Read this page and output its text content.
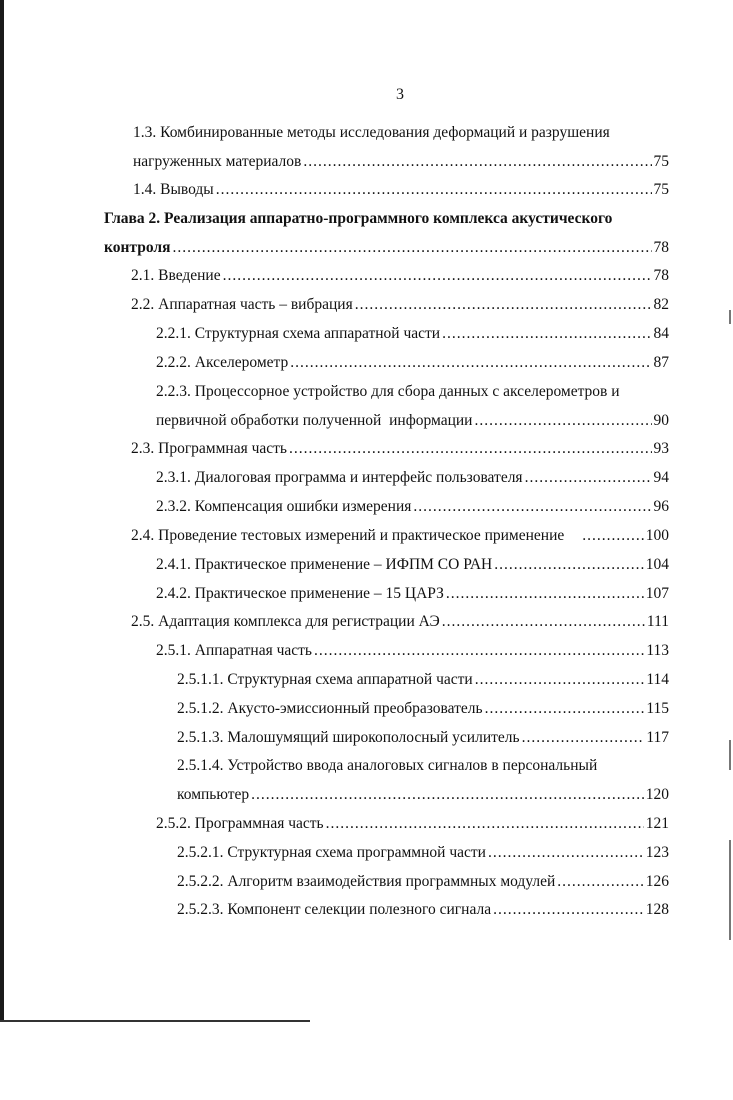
3
1.3. Комбинированные методы исследования деформаций и разрушения
нагруженных материалов .....	75
1.4. Выводы .....	75
Глава 2. Реализация аппаратно-программного комплекса акустического
контроля .....	78
2.1. Введение .....	78
2.2. Аппаратная часть – вибрация .....	82
2.2.1. Структурная схема аппаратной части .....	84
2.2.2. Акселерометр .....	87
2.2.3. Процессорное устройство для сбора данных с акселерометров и
первичной обработки полученной  информации .....	90
2.3. Программная часть .....	93
2.3.1. Диалоговая программа и интерфейс пользователя .....	94
2.3.2. Компенсация ошибки измерения .....	96
2.4. Проведение тестовых измерений и практическое применение .....	100
2.4.1. Практическое применение – ИФПМ СО РАН .....	104
2.4.2. Практическое применение – 15 ЦАРЗ .....	107
2.5. Адаптация комплекса для регистрации АЭ .....	111
2.5.1. Аппаратная часть .....	113
2.5.1.1. Структурная схема аппаратной части .....	114
2.5.1.2. Акусто-эмиссионный преобразователь .....	115
2.5.1.3. Малошумящий широкополосный усилитель .....	117
2.5.1.4. Устройство ввода аналоговых сигналов в персональный
компьютер .....	120
2.5.2. Программная часть .....	121
2.5.2.1. Структурная схема программной части .....	123
2.5.2.2. Алгоритм взаимодействия программных модулей .....	126
2.5.2.3. Компонент селекции полезного сигнала .....	128
